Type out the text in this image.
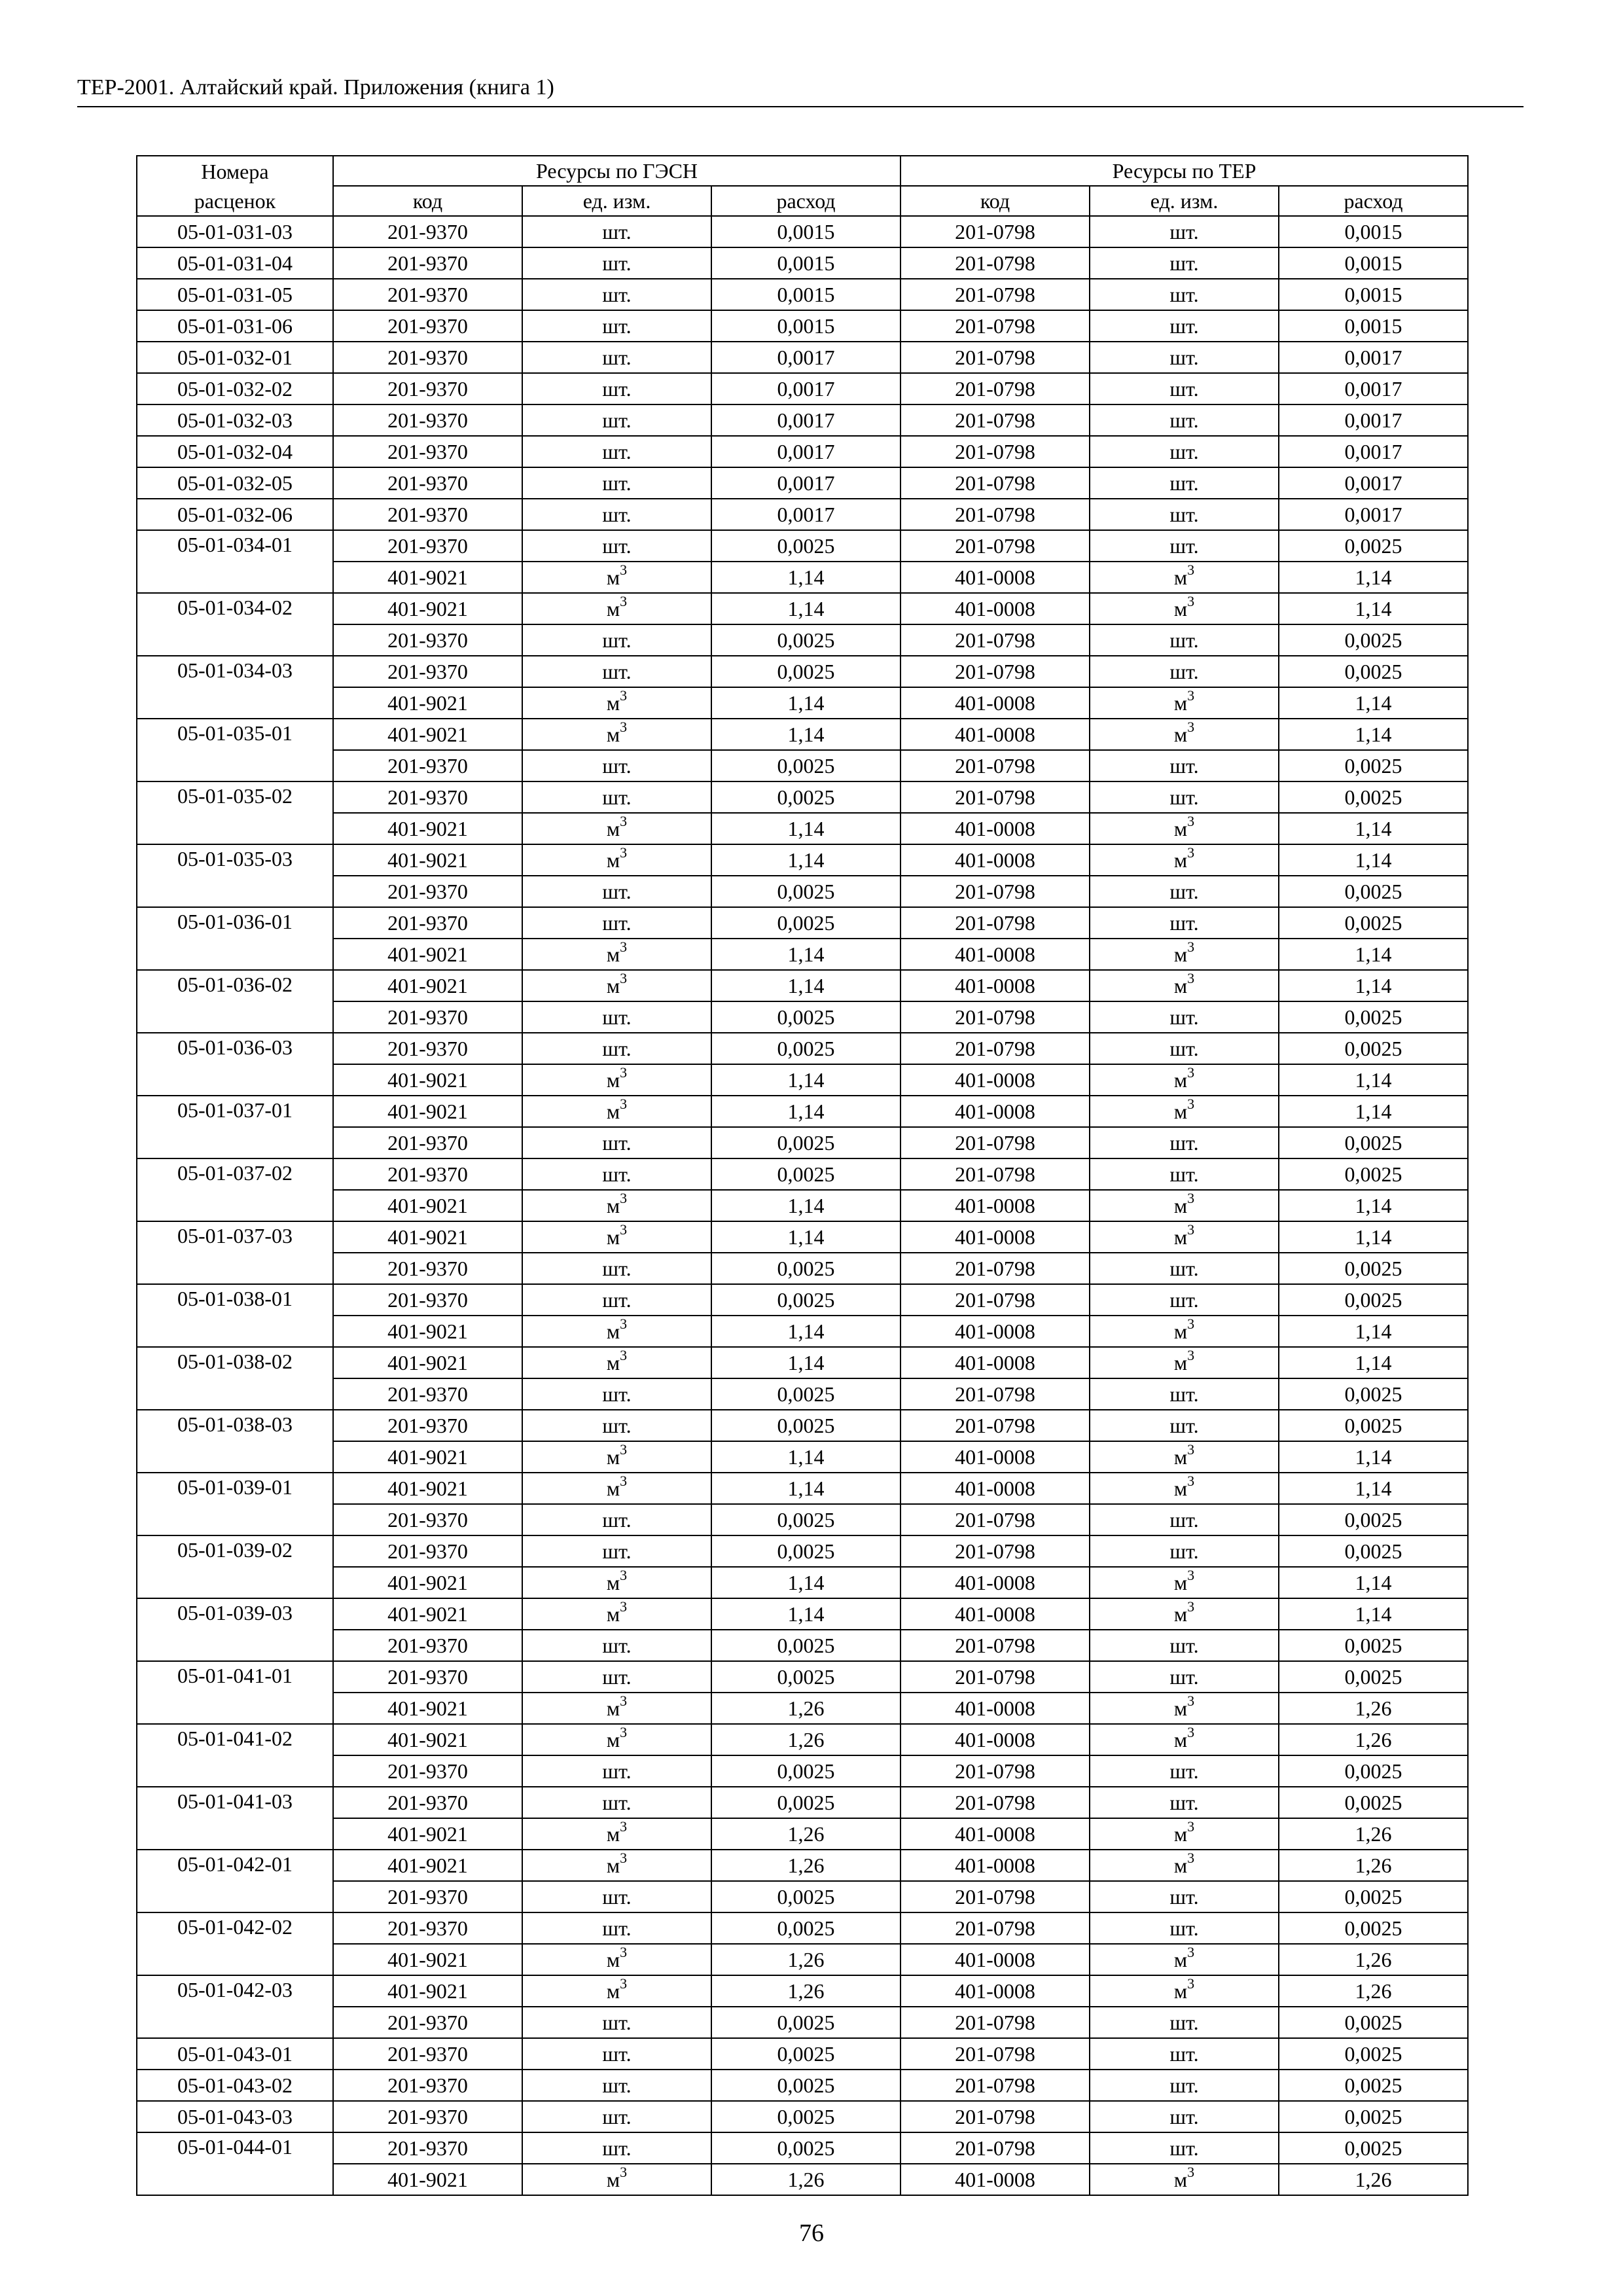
ТЕР-2001. Алтайский край. Приложения (книга 1)
Номера	Ресурсы по ГЭСН			Ресурсы по ТЕР		
расценок	код	ед. изм.	расход	код	ед. изм.	расход
05-01-031-03	201-9370	шт.	0,0015	201-0798	шт.	0,0015
05-01-031-04	201-9370	шт.	0,0015	201-0798	шт.	0,0015
05-01-031-05	201-9370	шт.	0,0015	201-0798	шт.	0,0015
05-01-031-06	201-9370	шт.	0,0015	201-0798	шт.	0,0015
05-01-032-01	201-9370	шт.	0,0017	201-0798	шт.	0,0017
05-01-032-02	201-9370	шт.	0,0017	201-0798	шт.	0,0017
05-01-032-03	201-9370	шт.	0,0017	201-0798	шт.	0,0017
05-01-032-04	201-9370	шт.	0,0017	201-0798	шт.	0,0017
05-01-032-05	201-9370	шт.	0,0017	201-0798	шт.	0,0017
05-01-032-06	201-9370	шт.	0,0017	201-0798	шт.	0,0017
05-01-034-01	201-9370	шт.	0,0025	201-0798	шт.	0,0025
	401-9021	$м^3$	1,14	401-0008	$м^3$	1,14
05-01-034-02	401-9021	$м^3$	1,14	401-0008	$м^3$	1,14
	201-9370	шт.	0,0025	201-0798	шт.	0,0025
05-01-034-03	201-9370	шт.	0,0025	201-0798	шт.	0,0025
	401-9021	$м^3$	1,14	401-0008	$м^3$	1,14
05-01-035-01	401-9021	$м^3$	1,14	401-0008	$м^3$	1,14
	201-9370	шт.	0,0025	201-0798	шт.	0,0025
05-01-035-02	201-9370	шт.	0,0025	201-0798	шт.	0,0025
	401-9021	$м^3$	1,14	401-0008	$м^3$	1,14
05-01-035-03	401-9021	$м^3$	1,14	401-0008	$м^3$	1,14
	201-9370	шт.	0,0025	201-0798	шт.	0,0025
05-01-036-01	201-9370	шт.	0,0025	201-0798	шт.	0,0025
	401-9021	$м^3$	1,14	401-0008	$м^3$	1,14
05-01-036-02	401-9021	$м^3$	1,14	401-0008	$м^3$	1,14
	201-9370	шт.	0,0025	201-0798	шт.	0,0025
05-01-036-03	201-9370	шт.	0,0025	201-0798	шт.	0,0025
	401-9021	$м^3$	1,14	401-0008	$м^3$	1,14
05-01-037-01	401-9021	$м^3$	1,14	401-0008	$м^3$	1,14
	201-9370	шт.	0,0025	201-0798	шт.	0,0025
05-01-037-02	201-9370	шт.	0,0025	201-0798	шт.	0,0025
	401-9021	$м^3$	1,14	401-0008	$м^3$	1,14
05-01-037-03	401-9021	$м^3$	1,14	401-0008	$м^3$	1,14
	201-9370	шт.	0,0025	201-0798	шт.	0,0025
05-01-038-01	201-9370	шт.	0,0025	201-0798	шт.	0,0025
	401-9021	$м^3$	1,14	401-0008	$м^3$	1,14
05-01-038-02	401-9021	$м^3$	1,14	401-0008	$м^3$	1,14
	201-9370	шт.	0,0025	201-0798	шт.	0,0025
05-01-038-03	201-9370	шт.	0,0025	201-0798	шт.	0,0025
	401-9021	$м^3$	1,14	401-0008	$м^3$	1,14
05-01-039-01	401-9021	$м^3$	1,14	401-0008	$м^3$	1,14
	201-9370	шт.	0,0025	201-0798	шт.	0,0025
05-01-039-02	201-9370	шт.	0,0025	201-0798	шт.	0,0025
	401-9021	$м^3$	1,14	401-0008	$м^3$	1,14
05-01-039-03	401-9021	$м^3$	1,14	401-0008	$м^3$	1,14
	201-9370	шт.	0,0025	201-0798	шт.	0,0025
05-01-041-01	201-9370	шт.	0,0025	201-0798	шт.	0,0025
	401-9021	$м^3$	1,26	401-0008	$м^3$	1,26
05-01-041-02	401-9021	$м^3$	1,26	401-0008	$м^3$	1,26
	201-9370	шт.	0,0025	201-0798	шт.	0,0025
05-01-041-03	201-9370	шт.	0,0025	201-0798	шт.	0,0025
	401-9021	$м^3$	1,26	401-0008	$м^3$	1,26
05-01-042-01	401-9021	$м^3$	1,26	401-0008	$м^3$	1,26
	201-9370	шт.	0,0025	201-0798	шт.	0,0025
05-01-042-02	201-9370	шт.	0,0025	201-0798	шт.	0,0025
	401-9021	$м^3$	1,26	401-0008	$м^3$	1,26
05-01-042-03	401-9021	$м^3$	1,26	401-0008	$м^3$	1,26
	201-9370	шт.	0,0025	201-0798	шт.	0,0025
05-01-043-01	201-9370	шт.	0,0025	201-0798	шт.	0,0025
05-01-043-02	201-9370	шт.	0,0025	201-0798	шт.	0,0025
05-01-043-03	201-9370	шт.	0,0025	201-0798	шт.	0,0025
05-01-044-01	201-9370	шт.	0,0025	201-0798	шт.	0,0025
	401-9021	$м^3$	1,26	401-0008	$м^3$	1,26
76
